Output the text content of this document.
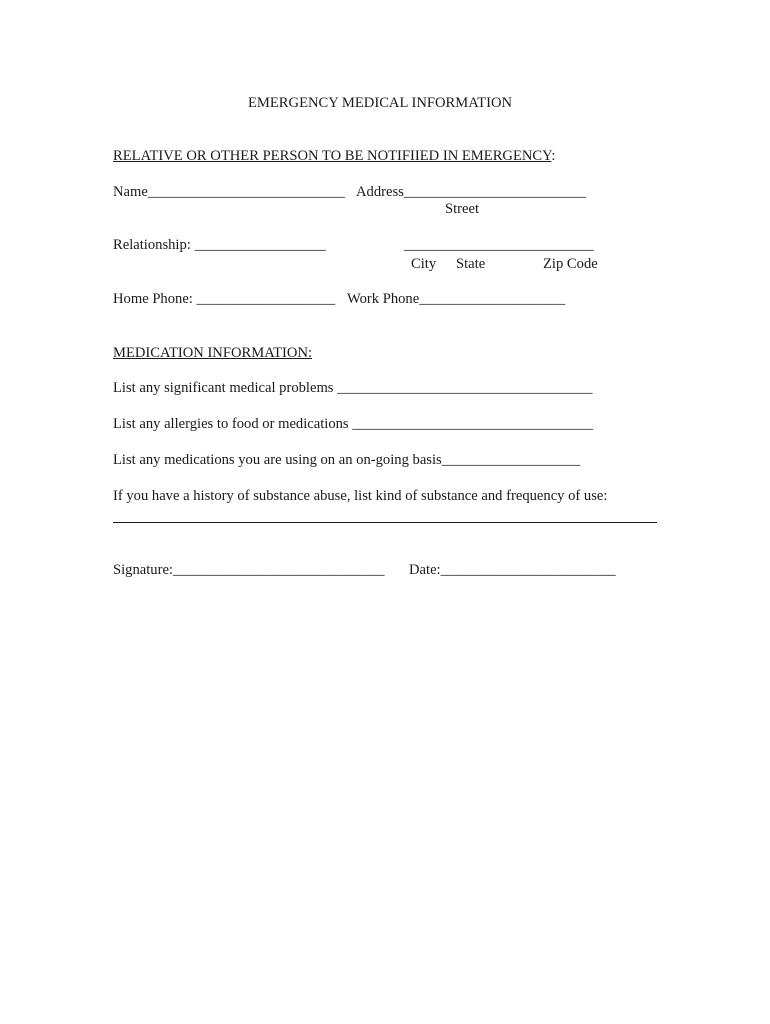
EMERGENCY MEDICAL INFORMATION
RELATIVE OR OTHER PERSON TO BE NOTIFIIED IN EMERGENCY:
Name___________________________ Address_________________________
Street
Relationship: __________________	__________________________
City State	Zip Code
Home Phone: ___________________ Work Phone____________________
MEDICATION INFORMATION:
List any significant medical problems ___________________________________
List any allergies to food or medications _________________________________
List any medications you are using on an on-going basis___________________
If you have a history of substance abuse, list kind of substance and frequency of use:
Signature:_____________________________ Date:________________________
